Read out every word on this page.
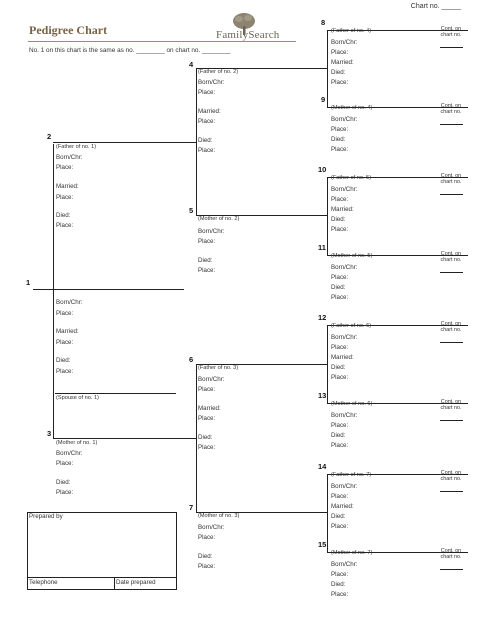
Chart no. _____
Pedigree Chart	FamilySearch
No. 1 on this chart is the same as no. ________ on chart no. ________
1
Born/Chr:
Place:
Married:
Place:
Died:
Place:
(Spouse of no. 1)
2
(Father of no. 1)
Born/Chr:
Place:
Married:
Place:
Died:
Place:
3
(Mother of no. 1)
Born/Chr:
Place:
Died:
Place:
4
(Father of no. 2)
Born/Chr:
Place:
Married:
Place:
Died:
Place:
5
(Mother of no. 2)
Born/Chr:
Place:
Died:
Place:
6
(Father of no. 3)
Born/Chr:
Place:
Married:
Place:
Died:
Place:
7
(Mother of no. 3)
Born/Chr:
Place:
Died:
Place:
8
(Father of no. 4)
Born/Chr:
Place:
Married:
Died:
Place:
Cont. on chart no.
9
(Mother of no. 4)
Born/Chr:
Place:
Died:
Place:
Cont. on chart no.
10
(Father of no. 5)
Born/Chr:
Place:
Married:
Died:
Place:
Cont. on chart no.
11
(Mother of no. 5)
Born/Chr:
Place:
Died:
Place:
Cont. on chart no.
12
(Father of no. 6)
Born/Chr:
Place:
Married:
Died:
Place:
Cont. on chart no.
13
(Mother of no. 6)
Born/Chr:
Place:
Died:
Place:
Cont. on chart no.
14
(Father of no. 7)
Born/Chr:
Place:
Married:
Died:
Place:
Cont. on chart no.
15
(Mother of no. 7)
Born/Chr:
Place:
Died:
Place:
Cont. on chart no.
Prepared by
Telephone	Date prepared
